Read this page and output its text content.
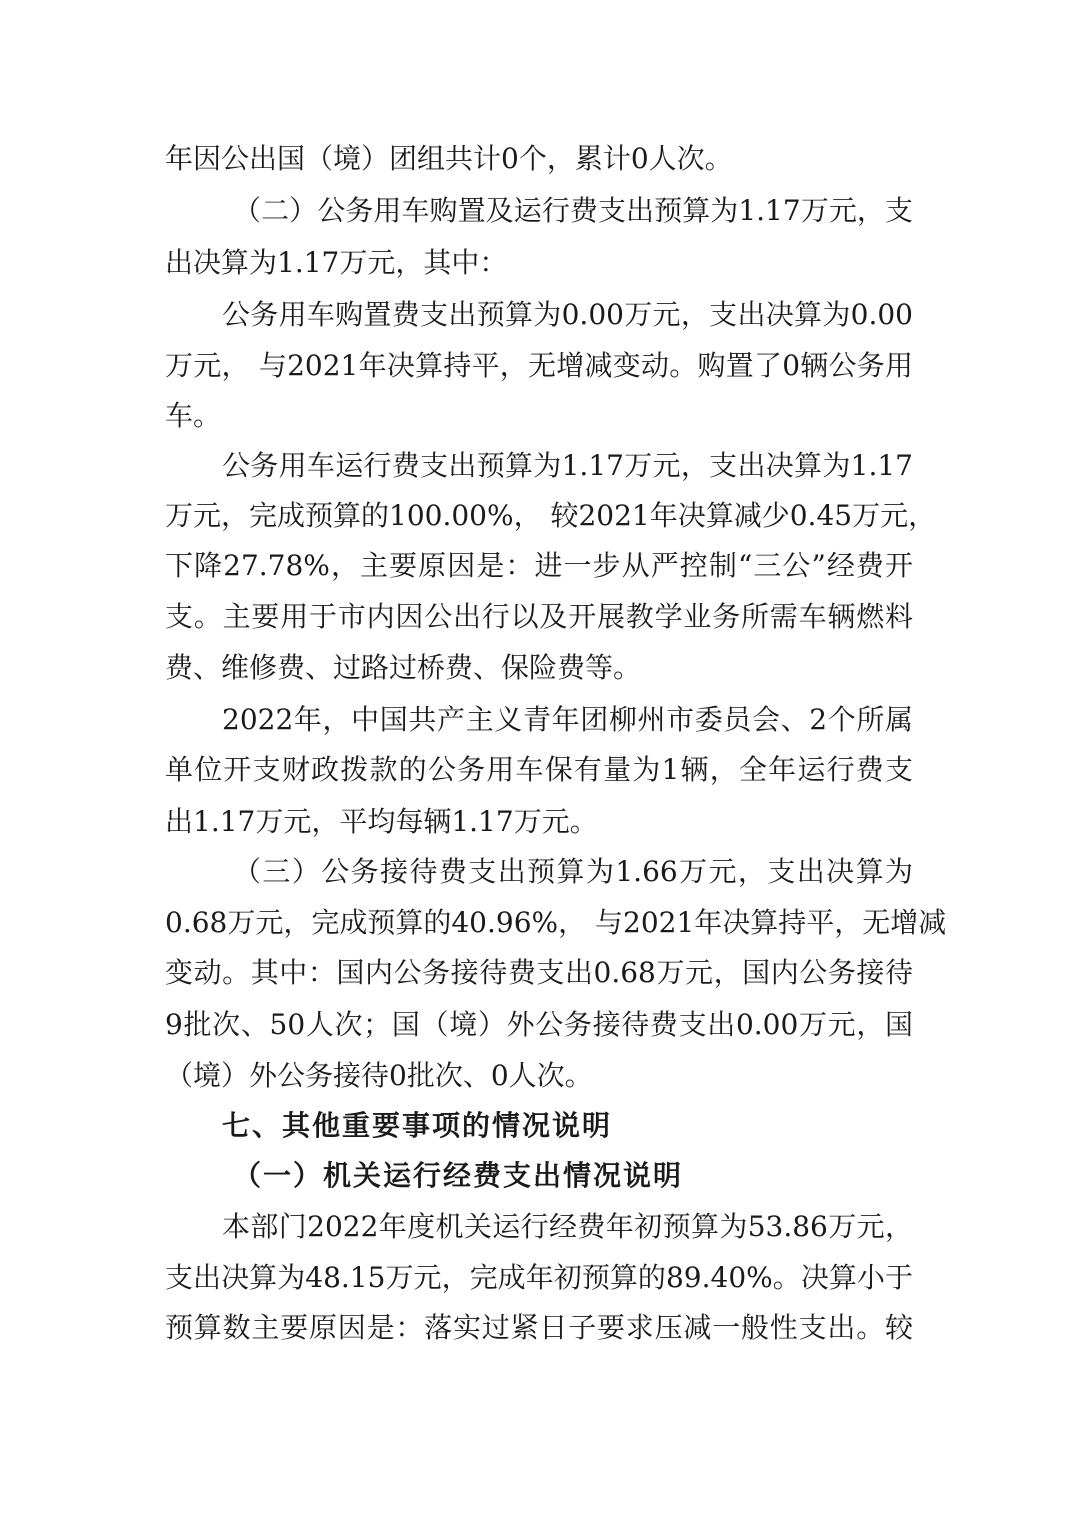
年因公出国（境）团组共计0个，累计0人次。
（二）公务用车购置及运行费支出预算为1.17万元，支
出决算为1.17万元，其中：
公务用车购置费支出预算为0.00万元，支出决算为0.00
万元， 与2021年决算持平，无增减变动。购置了0辆公务用
车。
公务用车运行费支出预算为1.17万元，支出决算为1.17
万元，完成预算的100.00%， 较2021年决算减少0.45万元，
下降27.78%，主要原因是：进一步从严控制“三公”经费开
支。主要用于市内因公出行以及开展教学业务所需车辆燃料
费、维修费、过路过桥费、保险费等。
2022年，中国共产主义青年团柳州市委员会、2个所属
单位开支财政拨款的公务用车保有量为1辆，全年运行费支
出1.17万元，平均每辆1.17万元。
（三）公务接待费支出预算为1.66万元，支出决算为
0.68万元，完成预算的40.96%， 与2021年决算持平，无增减
变动。其中：国内公务接待费支出0.68万元，国内公务接待
9批次、50人次；国（境）外公务接待费支出0.00万元，国
（境）外公务接待0批次、0人次。
七、其他重要事项的情况说明
（一）机关运行经费支出情况说明
本部门2022年度机关运行经费年初预算为53.86万元，
支出决算为48.15万元，完成年初预算的89.40%。决算小于
预算数主要原因是：落实过紧日子要求压减一般性支出。较
